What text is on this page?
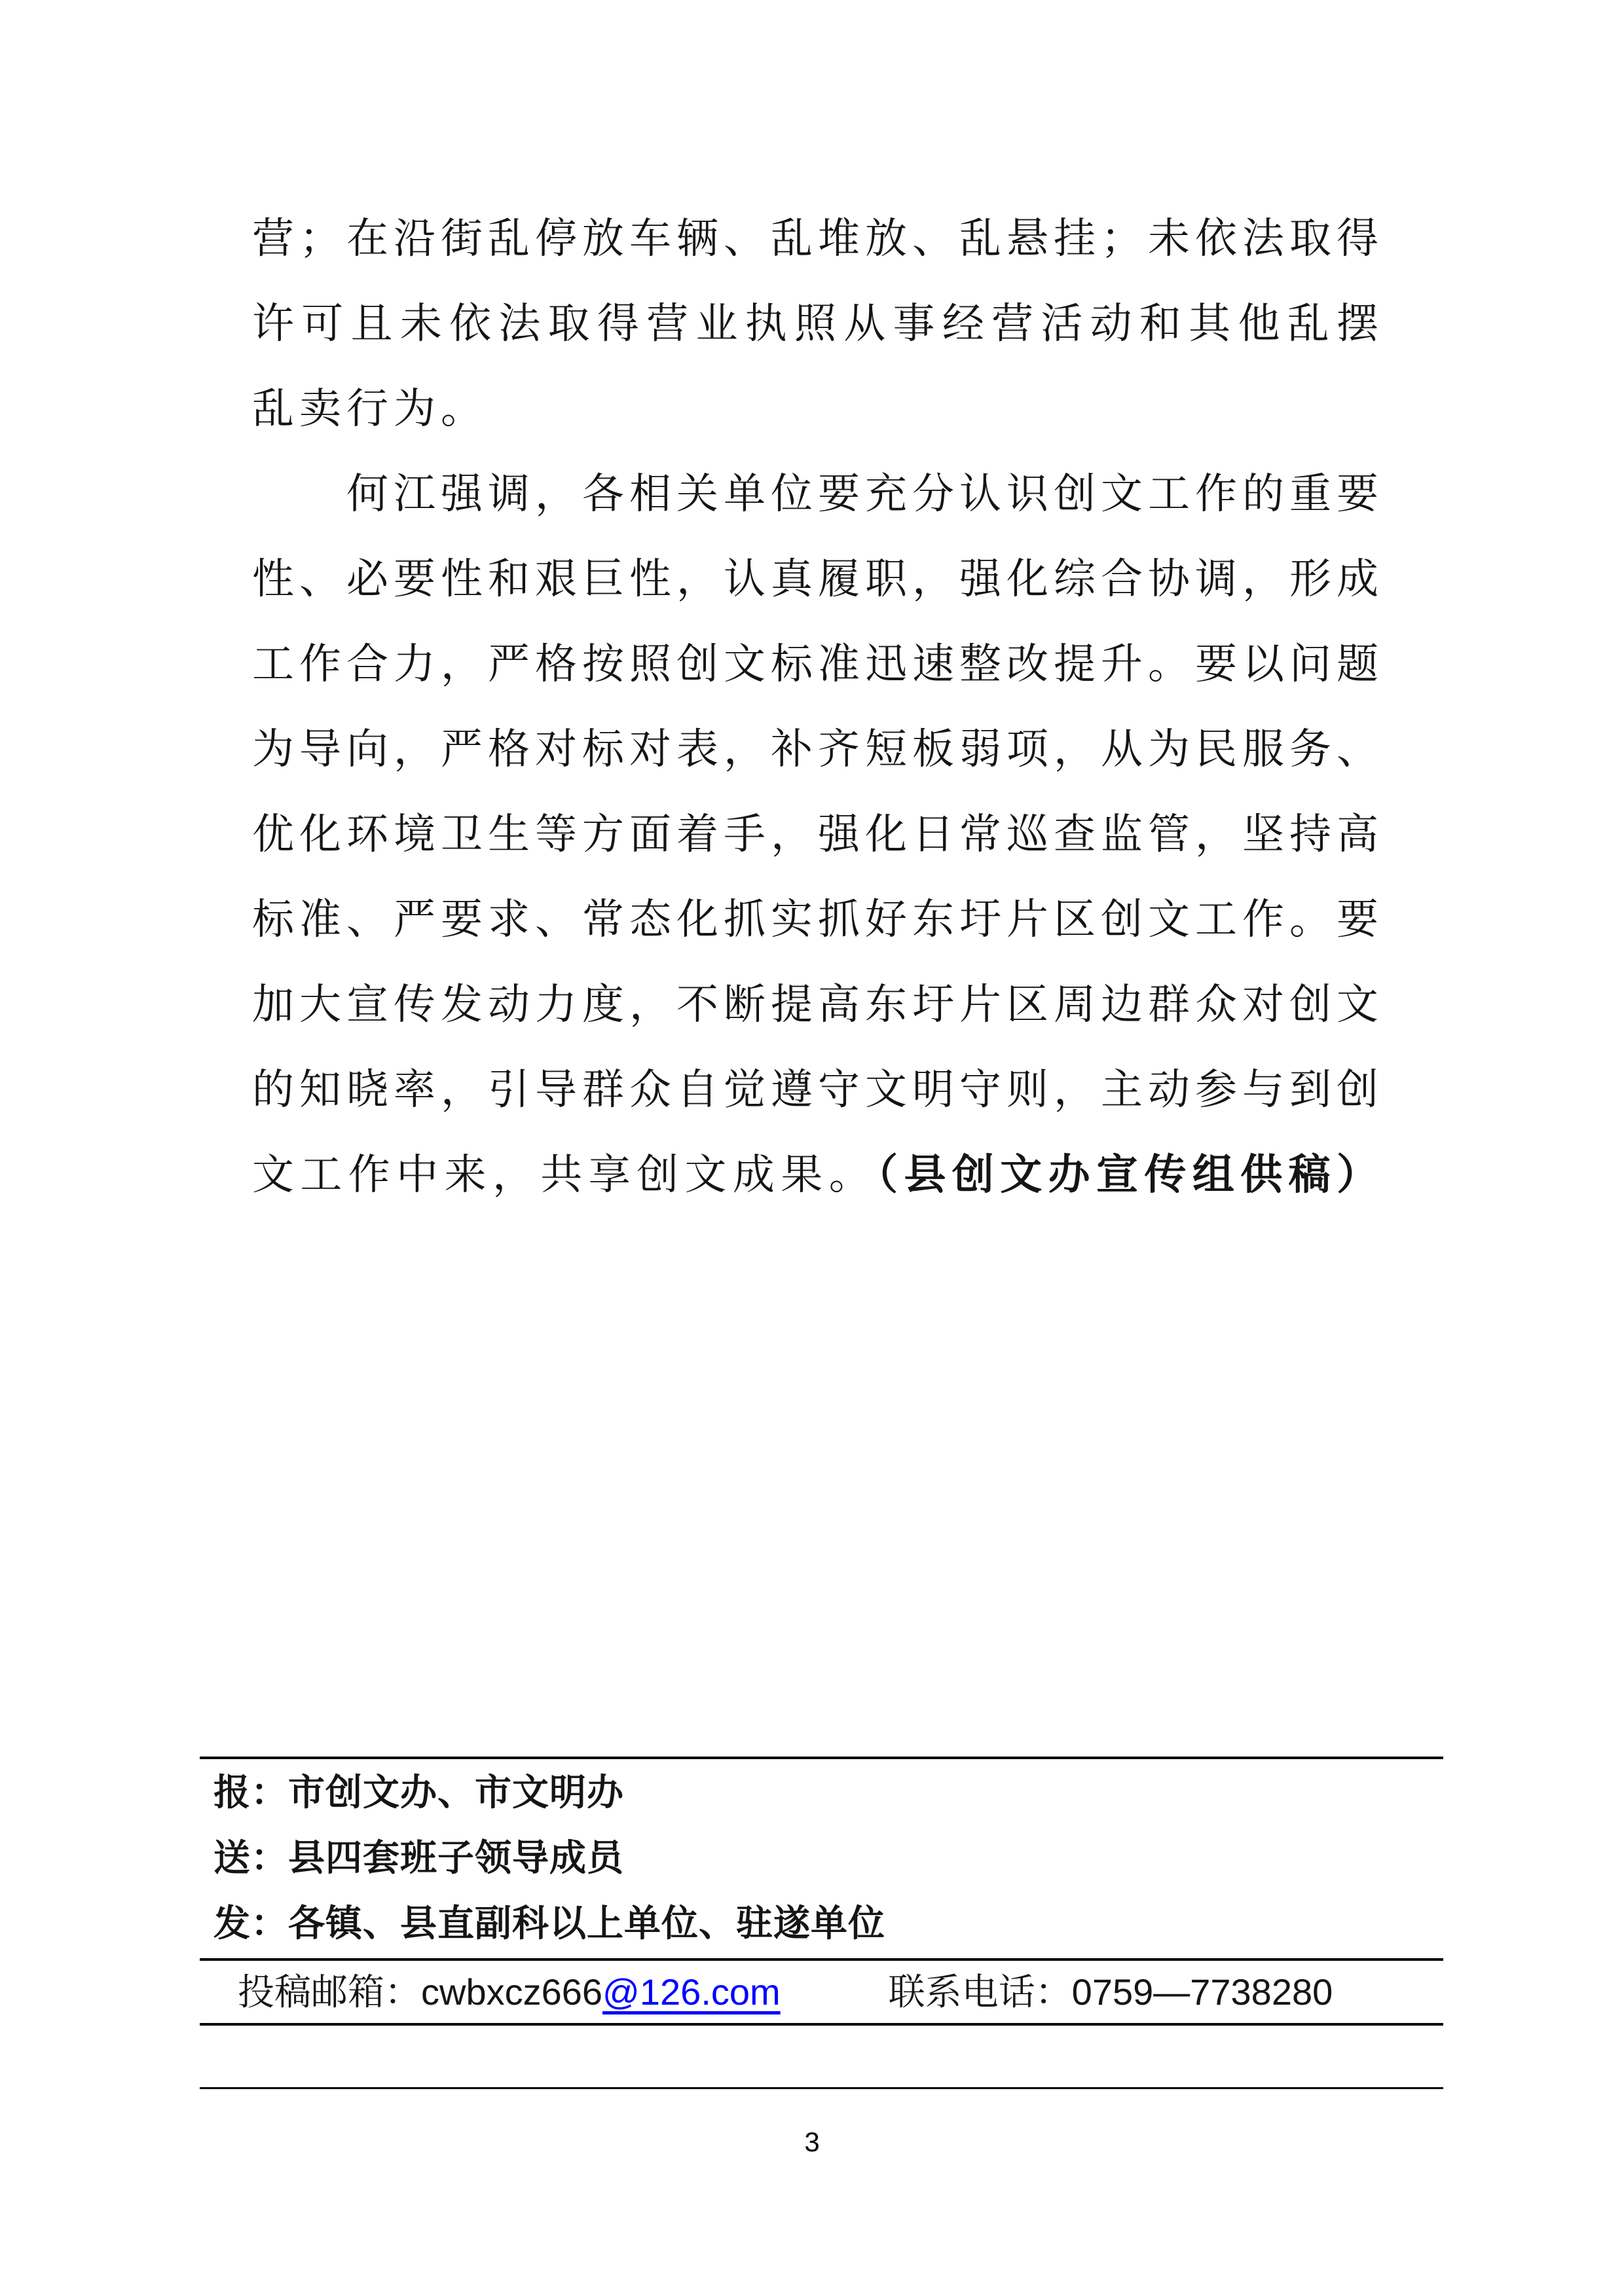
营；在沿街乱停放车辆、乱堆放、乱悬挂；未依法取得
许可且未依法取得营业执照从事经营活动和其他乱摆
乱卖行为。
何江强调，各相关单位要充分认识创文工作的重要
性、必要性和艰巨性，认真履职，强化综合协调，形成
工作合力，严格按照创文标准迅速整改提升。要以问题
为导向，严格对标对表，补齐短板弱项，从为民服务、
优化环境卫生等方面着手，强化日常巡查监管，坚持高
标准、严要求、常态化抓实抓好东圩片区创文工作。要
加大宣传发动力度，不断提高东圩片区周边群众对创文
的知晓率，引导群众自觉遵守文明守则，主动参与到创
文工作中来，共享创文成果。（县创文办宣传组供稿）
报：市创文办、市文明办
送：县四套班子领导成员
发：各镇、县直副科以上单位、驻遂单位
投稿邮箱：cwbxcz666@126.com	联系电话：0759—7738280
3
